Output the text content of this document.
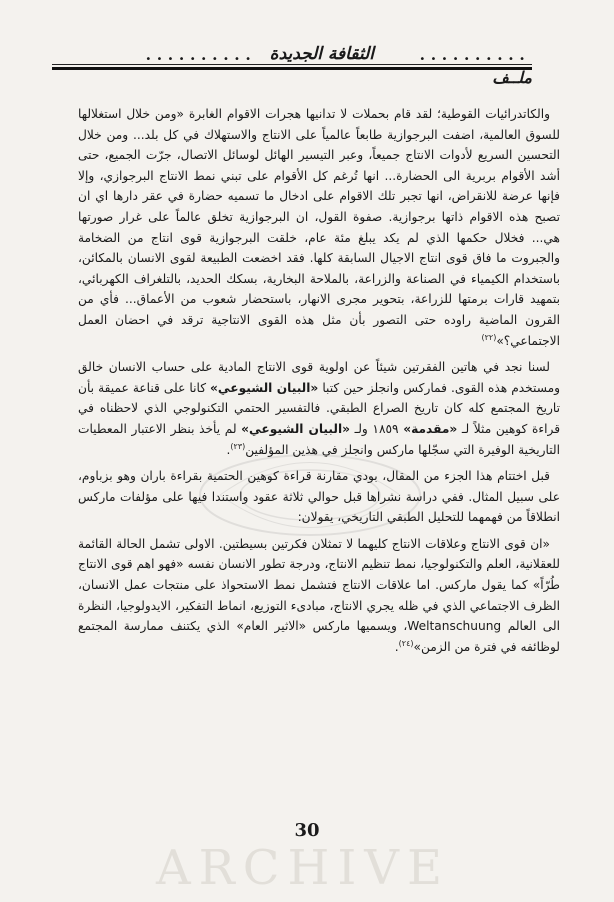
• • • • • • • • • •
• • • • • • • • • •	الثقافة الجديدة
ملــف

والكاتدرائيات القوطية؛ لقد قام بحملات لا تدانيها هجرات الاقوام الغابرة «ومن خلال استغلالها للسوق العالمية، اضفت البرجوازية طابعاً عالمياً على الانتاج والاستهلاك في كل بلد... ومن خلال التحسين السريع لأدوات الانتاج جميعاً، وعبر التيسير الهائل لوسائل الاتصال، جرّت الجميع، حتى أشد الأقوام بربرية الى الحضارة... انها تُرغم كل الأقوام على تبني نمط الانتاج البرجوازي، وإلا فإنها عرضة للانقراض، انها تجبر تلك الاقوام على ادخال ما تسميه حضارة في عقر دارها اي ان تصبح هذه الاقوام ذاتها برجوازية. صفوة القول، ان البرجوازية تخلق عالماً على غرار صورتها هي... فخلال حكمها الذي لم يكد يبلغ مئة عام، خلقت البرجوازية قوى انتاج من الضخامة والجبروت ما فاق قوى انتاج الاجيال السابقة كلها. فقد اخضعت الطبيعة لقوى الانسان بالمكائن، باستخدام الكيمياء في الصناعة والزراعة، بالملاحة البخارية، بسكك الحديد، بالتلغراف الكهربائي، بتمهيد قارات برمتها للزراعة، بتحوير مجرى الانهار، باستحضار شعوب من الأعماق... فأي من القرون الماضية راوده حتى التصور بأن مثل هذه القوى الانتاجية ترقد في احضان العمل الاجتماعي؟»$^{(٢٢)}$

لسنا نجد في هاتين الفقرتين شيئاً عن اولوية قوى الانتاج المادية على حساب الانسان خالق ومستخدم هذه القوى. فماركس وانجلز حين كتبا «البيان الشيوعي» كانا على قناعة عميقة بأن تاريخ المجتمع كله كان تاريخ الصراع الطبقي. فالتفسير الحتمي التكنولوجي الذي لاحظناه في قراءة كوهين مثلاً لـ «مقدمة» ١٨٥٩ ولـ «البيان الشيوعي» لم يأخذ بنظر الاعتبار المعطيات التاريخية الوفيرة التي سجّلها ماركس وانجلز في هذين المؤلفين$^{(٢٣)}$.

قبل اختتام هذا الجزء من المقال، بودي مقارنة قراءة كوهين الحتمية بقراءة باران وهو بزباوم، على سبيل المثال. ففي دراسة نشراها قبل حوالي ثلاثة عقود واستندا فيها على مؤلفات ماركس انطلاقاً من فهمهما للتحليل الطبقي التاريخي، يقولان:

«ان قوى الانتاج وعلاقات الانتاج كليهما لا تمثلان فكرتين بسيطتين. الاولى تشمل الحالة القائمة للعقلانية، العلم والتكنولوجيا، نمط تنظيم الانتاج، ودرجة تطور الانسان نفسه «فهو اهم قوى الانتاج طُرّاً» كما يقول ماركس. اما علاقات الانتاج فتشمل نمط الاستحواذ على منتجات عمل الانسان، الظرف الاجتماعي الذي في ظله يجري الانتاج، مبادىء التوزيع، انماط التفكير، الايدولوجيا، النظرة الى العالم Weltanschuung، ويسميها ماركس «الاثير العام» الذي يكتنف ممارسة المجتمع لوظائفه في فترة من الزمن»$^{(٢٤)}$.

ARCHIVE
30
